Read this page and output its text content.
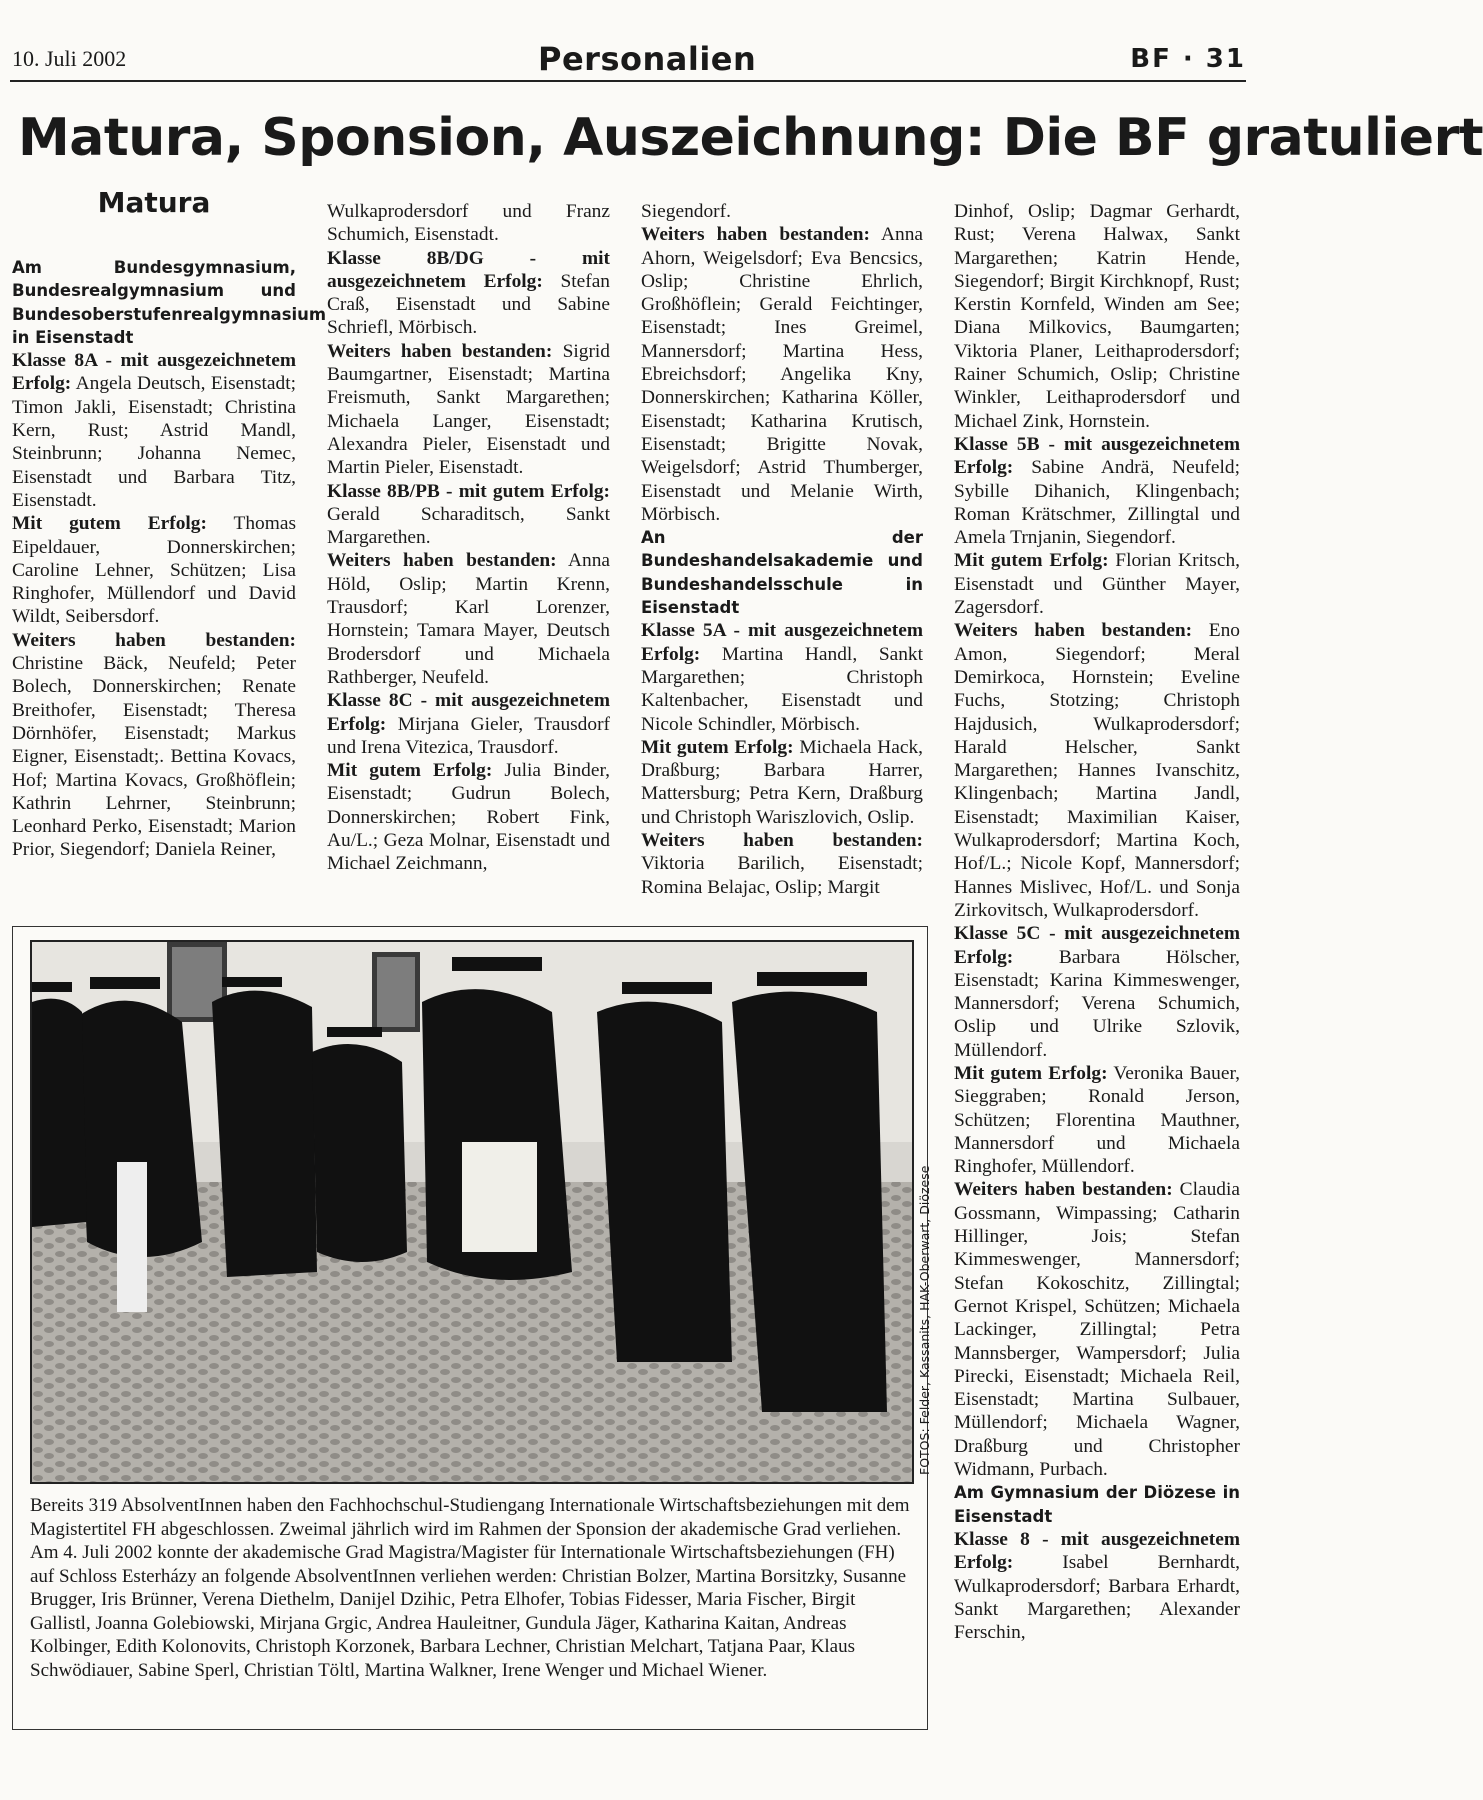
10. Juli 2002	Personalien	BF · 31
Matura, Sponsion, Auszeichnung: Die BF gratuliert
Matura

Am Bundesgymnasium, Bundesrealgymnasium und Bundesoberstufenrealgymnasium in Eisenstadt

Klasse 8A - mit ausgezeichnetem Erfolg: Angela Deutsch, Eisenstadt; Timon Jakli, Eisenstadt; Christina Kern, Rust; Astrid Mandl, Steinbrunn; Johanna Nemec, Eisenstadt und Barbara Titz, Eisenstadt.

Mit gutem Erfolg: Thomas Eipeldauer, Donnerskirchen; Caroline Lehner, Schützen; Lisa Ringhofer, Müllendorf und David Wildt, Seibersdorf.

Weiters haben bestanden: Christine Bäck, Neufeld; Peter Bolech, Donnerskirchen; Renate Breithofer, Eisenstadt; Theresa Dörnhöfer, Eisenstadt; Markus Eigner, Eisenstadt;. Bettina Kovacs, Hof; Martina Kovacs, Großhöflein; Kathrin Lehrner, Steinbrunn; Leonhard Perko, Eisenstadt; Marion Prior, Siegendorf; Daniela Reiner,

Wulkaprodersdorf und Franz Schumich, Eisenstadt.

Klasse 8B/DG - mit ausgezeichnetem Erfolg: Stefan Craß, Eisenstadt und Sabine Schriefl, Mörbisch.

Weiters haben bestanden: Sigrid Baumgartner, Eisenstadt; Martina Freismuth, Sankt Margarethen; Michaela Langer, Eisenstadt; Alexandra Pieler, Eisenstadt und Martin Pieler, Eisenstadt.

Klasse 8B/PB - mit gutem Erfolg: Gerald Scharaditsch, Sankt Margarethen.

Weiters haben bestanden: Anna Höld, Oslip; Martin Krenn, Trausdorf; Karl Lorenzer, Hornstein; Tamara Mayer, Deutsch Brodersdorf und Michaela Rathberger, Neufeld.

Klasse 8C - mit ausgezeichnetem Erfolg: Mirjana Gieler, Trausdorf und Irena Vitezica, Trausdorf.

Mit gutem Erfolg: Julia Binder, Eisenstadt; Gudrun Bolech, Donnerskirchen; Robert Fink, Au/L.; Geza Molnar, Eisenstadt und Michael Zeichmann,

Siegendorf.

Weiters haben bestanden: Anna Ahorn, Weigelsdorf; Eva Bencsics, Oslip; Christine Ehrlich, Großhöflein; Gerald Feichtinger, Eisenstadt; Ines Greimel, Mannersdorf; Martina Hess, Ebreichsdorf; Angelika Kny, Donnerskirchen; Katharina Köller, Eisenstadt; Katharina Krutisch, Eisenstadt; Brigitte Novak, Weigelsdorf; Astrid Thumberger, Eisenstadt und Melanie Wirth, Mörbisch.

An der Bundeshandelsakademie und Bundeshandelsschule in Eisenstadt

Klasse 5A - mit ausgezeichnetem Erfolg: Martina Handl, Sankt Margarethen; Christoph Kaltenbacher, Eisenstadt und Nicole Schindler, Mörbisch.

Mit gutem Erfolg: Michaela Hack, Draßburg; Barbara Harrer, Mattersburg; Petra Kern, Draßburg und Christoph Wariszlovich, Oslip.

Weiters haben bestanden: Viktoria Barilich, Eisenstadt; Romina Belajac, Oslip; Margit

Dinhof, Oslip; Dagmar Gerhardt, Rust; Verena Halwax, Sankt Margarethen; Katrin Hende, Siegendorf; Birgit Kirchknopf, Rust; Kerstin Kornfeld, Winden am See; Diana Milkovics, Baumgarten; Viktoria Planer, Leithaprodersdorf; Rainer Schumich, Oslip; Christine Winkler, Leithaprodersdorf und Michael Zink, Hornstein.

Klasse 5B - mit ausgezeichnetem Erfolg: Sabine Andrä, Neufeld; Sybille Dihanich, Klingenbach; Roman Krätschmer, Zillingtal und Amela Trnjanin, Siegendorf.

Mit gutem Erfolg: Florian Kritsch, Eisenstadt und Günther Mayer, Zagersdorf.

Weiters haben bestanden: Eno Amon, Siegendorf; Meral Demirkoca, Hornstein; Eveline Fuchs, Stotzing; Christoph Hajdusich, Wulkaprodersdorf; Harald Helscher, Sankt Margarethen; Hannes Ivanschitz, Klingenbach; Martina Jandl, Eisenstadt; Maximilian Kaiser, Wulkaprodersdorf; Martina Koch, Hof/L.; Nicole Kopf, Mannersdorf; Hannes Mislivec, Hof/L. und Sonja Zirkovitsch, Wulkaprodersdorf.

Klasse 5C - mit ausgezeichnetem Erfolg: Barbara Hölscher, Eisenstadt; Karina Kimmeswenger, Mannersdorf; Verena Schumich, Oslip und Ulrike Szlovik, Müllendorf.

Mit gutem Erfolg: Veronika Bauer, Sieggraben; Ronald Jerson, Schützen; Florentina Mauthner, Mannersdorf und Michaela Ringhofer, Müllendorf.

Weiters haben bestanden: Claudia Gossmann, Wimpassing; Catharin Hillinger, Jois; Stefan Kimmeswenger, Mannersdorf; Stefan Kokoschitz, Zillingtal; Gernot Krispel, Schützen; Michaela Lackinger, Zillingtal; Petra Mannsberger, Wampersdorf; Julia Pirecki, Eisenstadt; Michaela Reil, Eisenstadt; Martina Sulbauer, Müllendorf; Michaela Wagner, Draßburg und Christopher Widmann, Purbach.

Am Gymnasium der Diözese in Eisenstadt

Klasse 8 - mit ausgezeichnetem Erfolg: Isabel Bernhardt, Wulkaprodersdorf; Barbara Erhardt, Sankt Margarethen; Alexander Ferschin,

FOTOS: Felder, Kassanits, HAK-Oberwart, Diözese
Bereits 319 AbsolventInnen haben den Fachhochschul-Studiengang Internationale Wirtschaftsbeziehungen mit dem Magistertitel FH abgeschlossen. Zweimal jährlich wird im Rahmen der Sponsion der akademische Grad verliehen. Am 4. Juli 2002 konnte der akademische Grad Magistra/Magister für Internationale Wirtschaftsbeziehungen (FH) auf Schloss Esterházy an folgende AbsolventInnen verliehen werden: Christian Bolzer, Martina Borsitzky, Susanne Brugger, Iris Brünner, Verena Diethelm, Danijel Dzihic, Petra Elhofer, Tobias Fidesser, Maria Fischer, Birgit Gallistl, Joanna Golebiowski, Mirjana Grgic, Andrea Hauleitner, Gundula Jäger, Katharina Kaitan, Andreas Kolbinger, Edith Kolonovits, Christoph Korzonek, Barbara Lechner, Christian Melchart, Tatjana Paar, Klaus Schwödiauer, Sabine Sperl, Christian Töltl, Martina Walkner, Irene Wenger und Michael Wiener.
